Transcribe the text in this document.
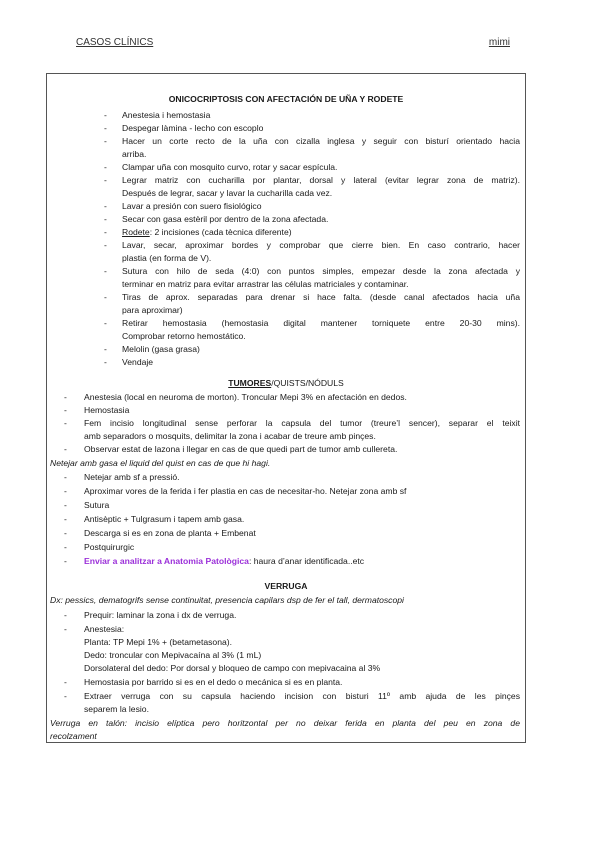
CASOS CLÍNICS	mimi
ONICOCRIPTOSIS CON AFECTACIÓN DE UÑA Y RODETE
- Anestesia i hemostasia
- Despegar làmina - lecho con escoplo
- Hacer un corte recto de la uña con cizalla inglesa y seguir con bisturí orientado hacia
arriba.
- Clampar uña con mosquito curvo, rotar y sacar espícula.
- Legrar matriz con cucharilla por plantar, dorsal y lateral (evitar legrar zona de matriz).
Después de legrar, sacar y lavar la cucharilla cada vez.
- Lavar a presión con suero fisiológico
- Secar con gasa estèril por dentro de la zona afectada.
- Rodete: 2 incisiones (cada tècnica diferente)
- Lavar, secar, aproximar bordes y comprobar que cierre bien. En caso contrario, hacer
plastia (en forma de V).
- Sutura con hilo de seda (4:0) con puntos simples, empezar desde la zona afectada y
terminar en matriz para evitar arrastrar las células matriciales y contaminar.
- Tiras de aprox. separadas para drenar si hace falta. (desde canal afectados hacia uña
para aproximar)
- Retirar hemostasia (hemostasia digital mantener torniquete entre 20-30 mins).
Comprobar retorno hemostático.
- Melolin (gasa grasa)
- Vendaje
TUMORES/QUISTS/NÓDULS
- Anestesia (local en neuroma de morton). Troncular Mepi 3% en afectación en dedos.
- Hemostasia
- Fem incisio longitudinal sense perforar la capsula del tumor (treure’l sencer), separar el teixit
amb separadors o mosquits, delimitar la zona i acabar de treure amb pinçes.
- Observar estat de lazona i llegar en cas de que quedi part de tumor amb cullereta.
Netejar amb gasa el liquid del quist en cas de que hi hagi.
- Netejar amb sf a pressió.
- Aproximar vores de la ferida i fer plastia en cas de necesitar-ho. Netejar zona amb sf
- Sutura
- Antisèptic + Tulgrasum i tapem amb gasa.
- Descarga si es en zona de planta + Embenat
- Postquirurgic
- Enviar a analitzar a Anatomia Patològica: haura d’anar identificada..etc
VERRUGA
Dx: pessics, dematogrifs sense continuitat, presencia capilars dsp de fer el tall, dermatoscopi
- Prequir: laminar la zona i dx de verruga.
- Anestesia:
Planta: TP Mepi 1% + (betametasona).
Dedo: troncular con Mepivacaína al 3% (1 mL)
Dorsolateral del dedo: Por dorsal y bloqueo de campo con mepivacaina al 3%
- Hemostasia por barrido si es en el dedo o mecánica si es en planta.
- Extraer verruga con su capsula haciendo incision con bisturi 11º amb ajuda de les pinçes
separem la lesio.
Verruga en talón: incisio elíptica pero horitzontal per no deixar ferida en planta del peu en zona de
recolzament
